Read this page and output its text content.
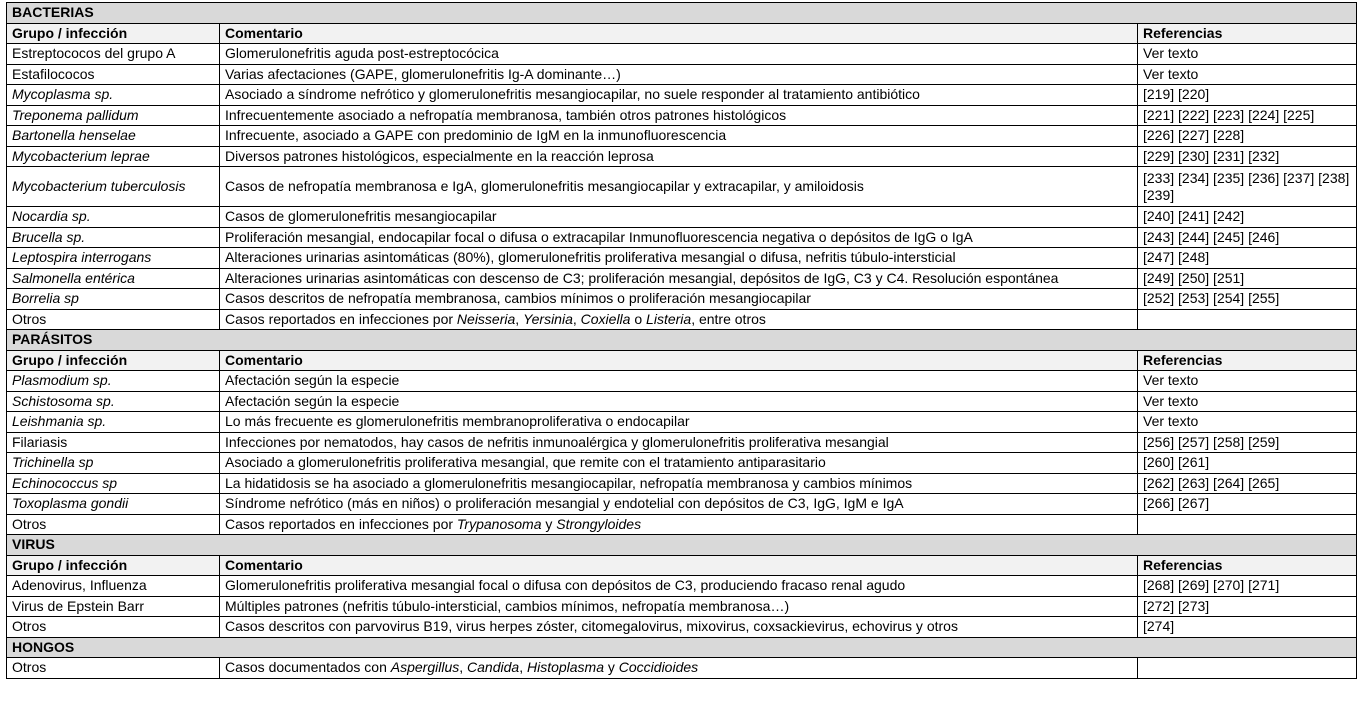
BACTERIAS		
Grupo / infección	Comentario	Referencias
Estreptococos del grupo A	Glomerulonefritis aguda post-estreptocócica	Ver texto
Estafilococos	Varias afectaciones (GAPE, glomerulonefritis Ig-A dominante…)	Ver texto
Mycoplasma sp.	Asociado a síndrome nefrótico y glomerulonefritis mesangiocapilar, no suele responder al tratamiento antibiótico	[219] [220]
Treponema pallidum	Infrecuentemente asociado a nefropatía membranosa, también otros patrones histológicos	[221] [222] [223] [224] [225]
Bartonella henselae	Infrecuente, asociado a GAPE con predominio de IgM en la inmunofluorescencia	[226] [227] [228]
Mycobacterium leprae	Diversos patrones histológicos, especialmente en la reacción leprosa	[229] [230] [231] [232]
Mycobacterium tuberculosis	Casos de nefropatía membranosa e IgA, glomerulonefritis mesangiocapilar y extracapilar, y amiloidosis	[233] [234] [235] [236] [237] [238] [239]
Nocardia sp.	Casos de glomerulonefritis mesangiocapilar	[240] [241] [242]
Brucella sp.	Proliferación mesangial, endocapilar focal o difusa o extracapilar Inmunofluorescencia negativa o depósitos de IgG o IgA	[243] [244] [245] [246]
Leptospira interrogans	Alteraciones urinarias asintomáticas (80%), glomerulonefritis proliferativa mesangial o difusa, nefritis túbulo-intersticial	[247] [248]
Salmonella entérica	Alteraciones urinarias asintomáticas con descenso de C3; proliferación mesangial, depósitos de IgG, C3 y C4. Resolución espontánea	[249] [250] [251]
Borrelia sp	Casos descritos de nefropatía membranosa, cambios mínimos o proliferación mesangiocapilar	[252] [253] [254] [255]
Otros	Casos reportados en infecciones por Neisseria, Yersinia, Coxiella o Listeria, entre otros	
PARÁSITOS		
Grupo / infección	Comentario	Referencias
Plasmodium sp.	Afectación según la especie	Ver texto
Schistosoma sp.	Afectación según la especie	Ver texto
Leishmania sp.	Lo más frecuente es glomerulonefritis membranoproliferativa o endocapilar	Ver texto
Filariasis	Infecciones por nematodos, hay casos de nefritis inmunoalérgica y glomerulonefritis proliferativa mesangial	[256] [257] [258] [259]
Trichinella sp	Asociado a glomerulonefritis proliferativa mesangial, que remite con el tratamiento antiparasitario	[260] [261]
Echinococcus sp	La hidatidosis se ha asociado a glomerulonefritis mesangiocapilar, nefropatía membranosa y cambios mínimos	[262] [263] [264] [265]
Toxoplasma gondii	Síndrome nefrótico (más en niños) o proliferación mesangial y endotelial con depósitos de C3, IgG, IgM e IgA	[266] [267]
Otros	Casos reportados en infecciones por Trypanosoma y Strongyloides	
VIRUS		
Grupo / infección	Comentario	Referencias
Adenovirus, Influenza	Glomerulonefritis proliferativa mesangial focal o difusa con depósitos de C3, produciendo fracaso renal agudo	[268] [269] [270] [271]
Virus de Epstein Barr	Múltiples patrones (nefritis túbulo-intersticial, cambios mínimos, nefropatía membranosa…)	[272] [273]
Otros	Casos descritos con parvovirus B19, virus herpes zóster, citomegalovirus, mixovirus, coxsackievirus, echovirus y otros	[274]
HONGOS		
Otros	Casos documentados con Aspergillus, Candida, Histoplasma y Coccidioides	
